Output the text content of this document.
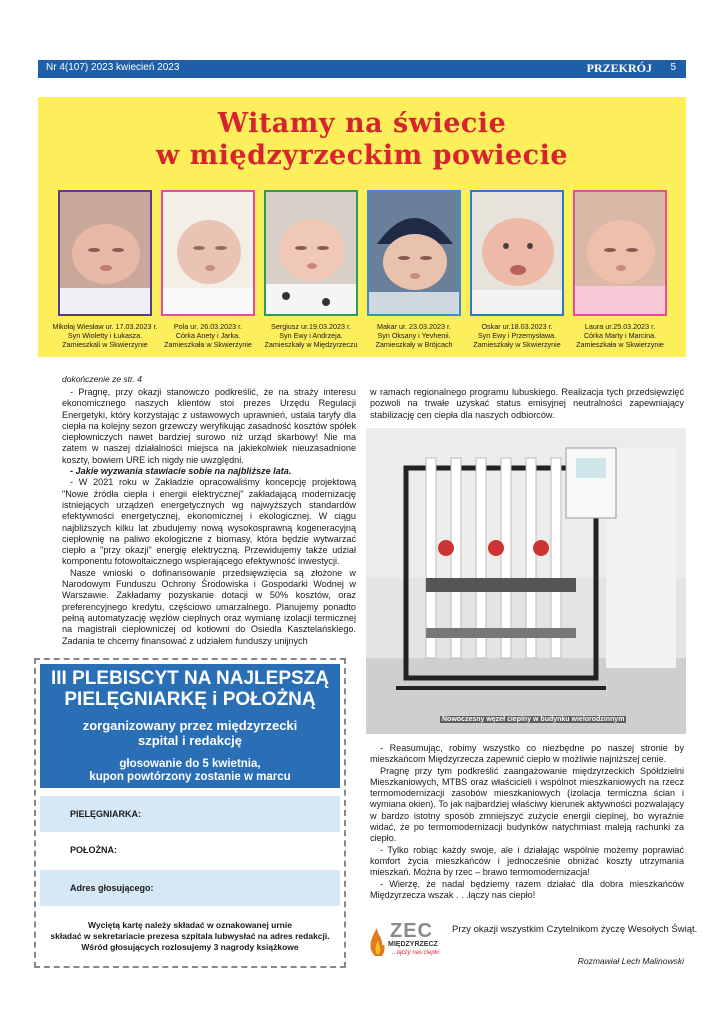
Nr 4(107) 2023 kwiecień 2023
lubuski
PRZEKRÓJ 5
Witamy na świecie
w międzyrzeckim powiecie
Mikołaj Wiesław ur. 17.03.2023 r.
Syn Wioletty i Łukasza.
Zamieszkali w Skwierzynie
Pola ur. 26.03.2023 r.
Córka Anety i Jarka.
Zamieszkała w Skwierzynie
Sergiusz ur.19.03.2023 r.
Syn Ewy i Andrzeja.
Zamieszkały w Międzyrzeczu
Makar ur. 23.03.2023 r.
Syn Oksany i Yevhenii.
Zamieszkały w Bröjcach
Oskar ur.18.03.2023 r.
Syn Ewy i Przemysława.
Zamieszkały w Skwierzynie
Laura ur.25.03.2023 r.
Córka Marty i Marcina.
Zamieszkała w Skwierzynie
dokończenie ze str. 4

- Pragnę, przy okazji stanowczo podkreślić, że na straży interesu ekonomicznego naszych klientów stoi prezes Urzędu Regulacji Energetyki, który korzystając z ustawowych uprawnień, ustala taryfy dla ciepła na kolejny sezon grzewczy weryfikując zasadność kosztów spółek ciepłowniczych nawet bardziej surowo niż urząd skarbowy! Nie ma zatem w naszej działalności miejsca na jakiekolwiek nieuzasadnione koszty, bowiem URE ich nigdy nie uwzględni.

- Jakie wyzwania stawiacie sobie na najbliższe lata.

- W 2021 roku w Zakładzie opracowaliśmy koncepcję projektową "Nowe źródła ciepła i energii elektrycznej" zakładającą modernizację istniejących urządzeń energetycznych wg najwyższych standardów efektywności energetycznej, ekonomicznej i ekologicznej. W ciągu najbliższych kilku lat zbudujemy nową wysokosprawną kogeneracyjną ciepłownię na paliwo ekologiczne z biomasy, która będzie wytwarzać ciepło a "przy okazji" energię elektryczną. Przewidujemy także udział komponentu fotowoltaicznego wspierającego efektywność inwestycji.

Nasze wnioski o dofinansowanie przedsięwzięcia są złożone w Narodowym Funduszu Ochrony Środowiska i Gospodarki Wodnej w Warszawie. Zakładamy pozyskanie dotacji w 50% kosztów, oraz preferencyjnego kredytu, częściowo umarzalnego. Planujemy ponadto pełną automatyzację węzłów cieplnych oraz wymianę izolacji termicznej na magistrali ciepłowniczej od kotłowni do Osiedla Kasztelańskiego. Zadania te chcemy finansować z udziałem funduszy unijnych

w ramach regionalnego programu lubuskiego. Realizacja tych przedsięwzięć pozwoli na trwałe uzyskać status emisyjnej neutralności zapewniający stabilizację cen ciepła dla naszych odbiorców.

Nowoczesny węzeł cieplny w budynku wielorodzinnym

- Reasumując, robimy wszystko co niezbędne po naszej stronie by mieszkańcom Międzyrzecza zapewnić ciepło w możliwie najniższej cenie.

Pragnę przy tym podkreślić zaangażowanie międzyrzeckich Spółdzielni Mieszkaniowych, MTBS oraz właścicieli i wspólnot mieszkaniowych na rzecz termomodernizacji zasobów mieszkaniowych (izolacja termiczna ścian i wymiana okien). To jak najbardziej właściwy kierunek aktywności pozwalający w bardzo istotny sposób zmniejszyć zużycie energii cieplnej, bo wyraźnie widać, że po termomodernizacji budynków natychmiast maleją rachunki za ciepło.

- Tylko robiąc każdy swoje, ale i działając wspólnie możemy poprawiać komfort życia mieszkańców i jednocześnie obniżać koszty utrzymania mieszkań. Można by rzec – brawo termomodernizacja!

- Wierzę, że nadal będziemy razem działać dla dobra mieszkańców Międzyrzecza wszak . . .łączy nas ciepło!

III PLEBISCYT NA NAJLEPSZĄ
PIELĘGNIARKĘ i POŁOŻNĄ
zorganizowany przez międzyrzecki
szpital i redakcję
głosowanie do 5 kwietnia,
kupon powtórzony zostanie w marcu
PIELĘGNIARKA:
POŁOŻNA:
Adres głosującego:
Wyciętą kartę należy składać w oznakowanej urnie
składać w sekretariacie prezesa szpitala lubwysłać na adres redakcji.
Wśród głosujących rozlosujemy 3 nagrody książkowe
ZEC
MIĘDZYRZECZ
...łączy nas ciepło
Przy okazji wszystkim Czytelnikom życzę Wesołych Świąt.
Rozmawiał Lech Malinowski
